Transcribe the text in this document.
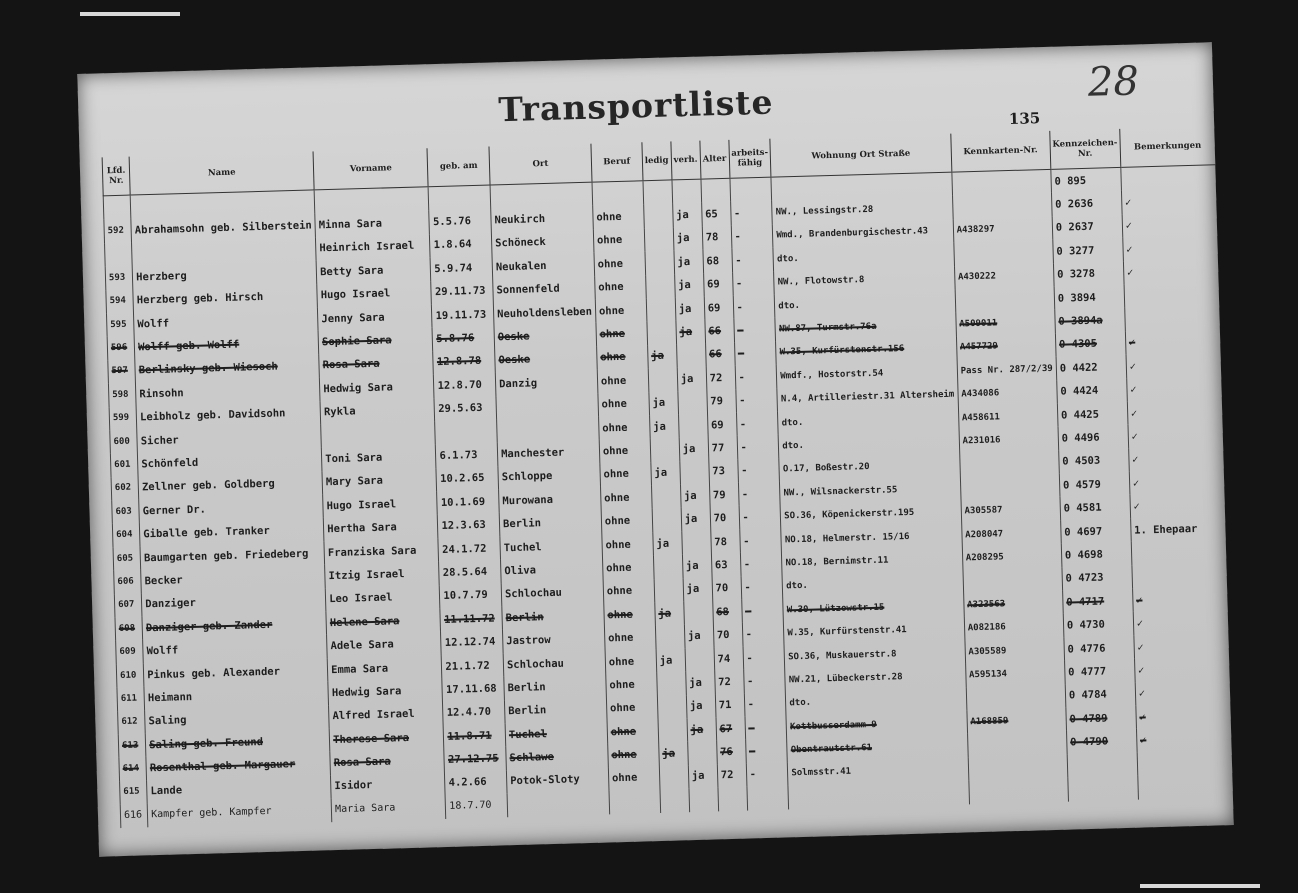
Transportliste	135
28
Lfd. Nr.	Name	Vorname	geb. am	Ort	Beruf	ledig	verh.	Alter	arbeits-fähig	Wohnung Ort Straße	Kennkarten-Nr.	Kennzeichen-Nr.	Bemerkungen
												0 895	
592	Abrahamsohn geb. Silberstein	Minna Sara	5.5.76	Neukirch	ohne		ja	65	-	NW., Lessingstr.28		0 2636	✓
		Heinrich Israel	1.8.64	Schöneck	ohne		ja	78	-	Wmd., Brandenburgischestr.43	A438297	0 2637	✓
593	Herzberg	Betty Sara	5.9.74	Neukalen	ohne		ja	68	-	dto.		0 3277	✓
594	Herzberg geb. Hirsch	Hugo Israel	29.11.73	Sonnenfeld	ohne		ja	69	-	NW., Flotowstr.8	A430222	0 3278	✓
595	Wolff	Jenny Sara	19.11.73	Neuholdensleben	ohne		ja	69	-	dto.		0 3894	
596	Wolff geb. Wolff	Sophie Sara	5.8.76	Oeske	ohne		ja	66	-	NW.87, Turmstr.76a	A509011	0 3894a	
597	Berlinsky geb. Wiesoch	Rosa Sara	12.8.78	Oeske	ohne	ja		66	-	W.35, Kurfürstenstr.156	A457729	0 4305	✓
598	Rinsohn	Hedwig Sara	12.8.70	Danzig	ohne		ja	72	-	Wmdf., Hostorstr.54	Pass Nr. 287/2/39	0 4422	✓
599	Leibholz geb. Davidsohn	Rykla	29.5.63		ohne	ja		79	-	N.4, Artilleriestr.31 Altersheim	A434086	0 4424	✓
600	Sicher				ohne	ja		69	-	dto.	A458611	0 4425	✓
601	Schönfeld	Toni Sara	6.1.73	Manchester	ohne		ja	77	-	dto.	A231016	0 4496	✓
602	Zellner geb. Goldberg	Mary Sara	10.2.65	Schloppe	ohne	ja		73	-	O.17, Boßestr.20		0 4503	✓
603	Gerner Dr.	Hugo Israel	10.1.69	Murowana	ohne		ja	79	-	NW., Wilsnackerstr.55		0 4579	✓
604	Giballe geb. Tranker	Hertha Sara	12.3.63	Berlin	ohne		ja	70	-	SO.36, Köpenickerstr.195	A305587	0 4581	✓
605	Baumgarten geb. Friedeberg	Franziska Sara	24.1.72	Tuchel	ohne	ja		78	-	NO.18, Helmerstr. 15/16	A208047	0 4697	1. Ehepaar
606	Becker	Itzig Israel	28.5.64	Oliva	ohne		ja	63	-	NO.18, Bernimstr.11	A208295	0 4698	
607	Danziger	Leo Israel	10.7.79	Schlochau	ohne		ja	70	-	dto.		0 4723	
608	Danziger geb. Zander	Helene Sara	11.11.72	Berlin	ohne	ja		68	-	W.30, Lützowstr.15	A323563	0 4717	✓
609	Wolff	Adele Sara	12.12.74	Jastrow	ohne		ja	70	-	W.35, Kurfürstenstr.41	A082186	0 4730	✓
610	Pinkus geb. Alexander	Emma Sara	21.1.72	Schlochau	ohne	ja		74	-	SO.36, Muskauerstr.8	A305589	0 4776	✓
611	Heimann	Hedwig Sara	17.11.68	Berlin	ohne		ja	72	-	NW.21, Lübeckerstr.28	A595134	0 4777	✓
612	Saling	Alfred Israel	12.4.70	Berlin	ohne		ja	71	-	dto.		0 4784	✓
613	Saling geb. Freund	Therese Sara	11.8.71	Tuchel	ohne		ja	67	-	Kottbusserdamm 9	A168859	0 4789	✓
614	Rosenthal geb. Margauer	Rosa Sara	27.12.75	Schlawe	ohne	ja		76	-	Obentrautstr.61		0 4790	✓
615	Lande	Isidor	4.2.66	Potok-Sloty	ohne		ja	72	-	Solmsstr.41			
616	Kampfer geb. Kampfer	Maria Sara	18.7.70										
